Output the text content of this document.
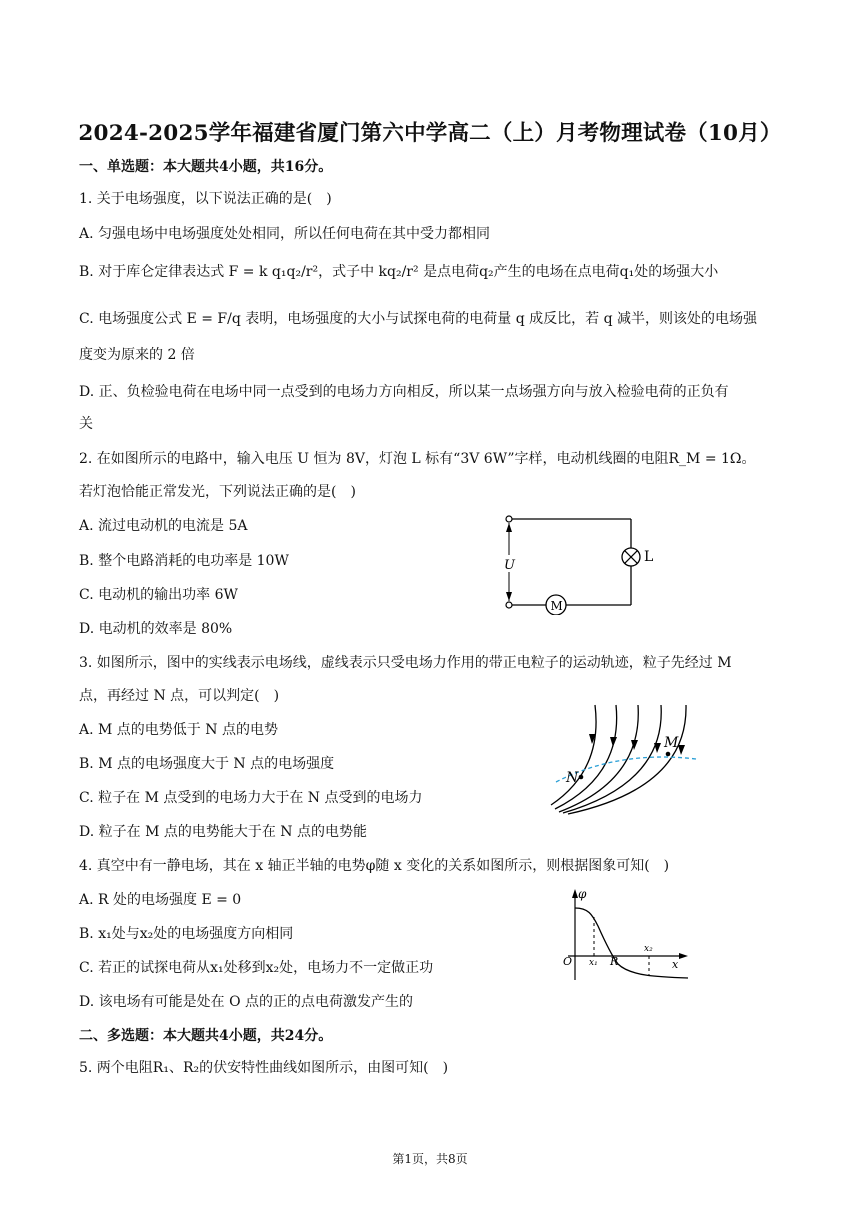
2024-2025学年福建省厦门第六中学高二（上）月考物理试卷（10月）
一、单选题：本大题共4小题，共16分。
1. 关于电场强度，以下说法正确的是(　)
A. 匀强电场中电场强度处处相同，所以任何电荷在其中受力都相同
B. 对于库仑定律表达式 F = k q₁q₂/r²，式子中 kq₂/r² 是点电荷q₂产生的电场在点电荷q₁处的场强大小
C. 电场强度公式 E = F/q 表明，电场强度的大小与试探电荷的电荷量 q 成反比，若 q 减半，则该处的电场强
度变为原来的 2 倍
D. 正、负检验电荷在电场中同一点受到的电场力方向相反，所以某一点场强方向与放入检验电荷的正负有
关
2. 在如图所示的电路中，输入电压 U 恒为 8V，灯泡 L 标有“3V 6W”字样，电动机线圈的电阻R_M = 1Ω。
若灯泡恰能正常发光，下列说法正确的是(　)
A. 流过电动机的电流是 5A
B. 整个电路消耗的电功率是 10W
C. 电动机的输出功率 6W
D. 电动机的效率是 80%
U
L
M
3. 如图所示，图中的实线表示电场线，虚线表示只受电场力作用的带正电粒子的运动轨迹，粒子先经过 M
点，再经过 N 点，可以判定(　)
A. M 点的电势低于 N 点的电势
B. M 点的电场强度大于 N 点的电场强度
C. 粒子在 M 点受到的电场力大于在 N 点受到的电场力
D. 粒子在 M 点的电势能大于在 N 点的电势能
N
M
4. 真空中有一静电场，其在 x 轴正半轴的电势φ随 x 变化的关系如图所示，则根据图象可知(　)
A. R 处的电场强度 E = 0
B. x₁处与x₂处的电场强度方向相同
C. 若正的试探电荷从x₁处移到x₂处，电场力不一定做正功
D. 该电场有可能是处在 O 点的正的点电荷激发产生的
φ
O x₁ R
x₂
x
二、多选题：本大题共4小题，共24分。
5. 两个电阻R₁、R₂的伏安特性曲线如图所示，由图可知(　)
第1页，共8页
